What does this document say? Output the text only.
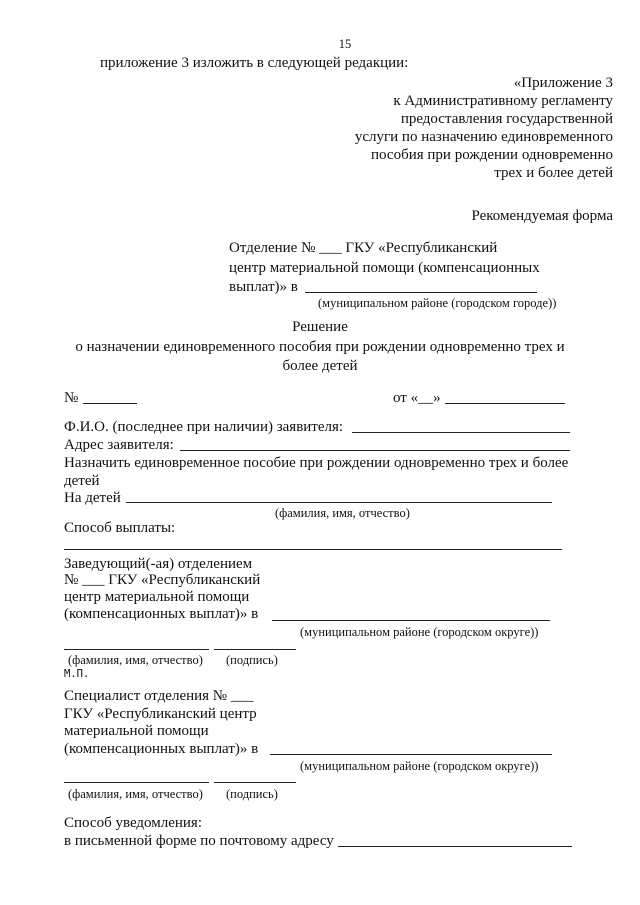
15
приложение 3 изложить в следующей редакции:
«Приложение 3
к Административному регламенту
предоставления государственной
услуги по назначению единовременного
пособия при рождении одновременно
трех и более детей
Рекомендуемая форма
Отделение № ___ ГКУ «Республиканский
центр материальной помощи (компенсационных
выплат)» в
(муниципальном районе (городском городе))
Решение
о назначении единовременного пособия при рождении одновременно трех и
более детей
№	от «__»
Ф.И.О. (последнее при наличии) заявителя:
Адрес заявителя:
Назначить единовременное пособие при рождении одновременно трех и более
детей
На детей
(фамилия, имя, отчество)
Способ выплаты:
Заведующий(-ая) отделением
№ ___ ГКУ «Республиканский
центр материальной помощи
(компенсационных выплат)» в
(муниципальном районе (городском округе))
(фамилия, имя, отчество) (подпись)
М.П.
Специалист отделения № ___
ГКУ «Республиканский центр
материальной помощи
(компенсационных выплат)» в
(муниципальном районе (городском округе))
(фамилия, имя, отчество) (подпись)
Способ уведомления:
в письменной форме по почтовому адресу
